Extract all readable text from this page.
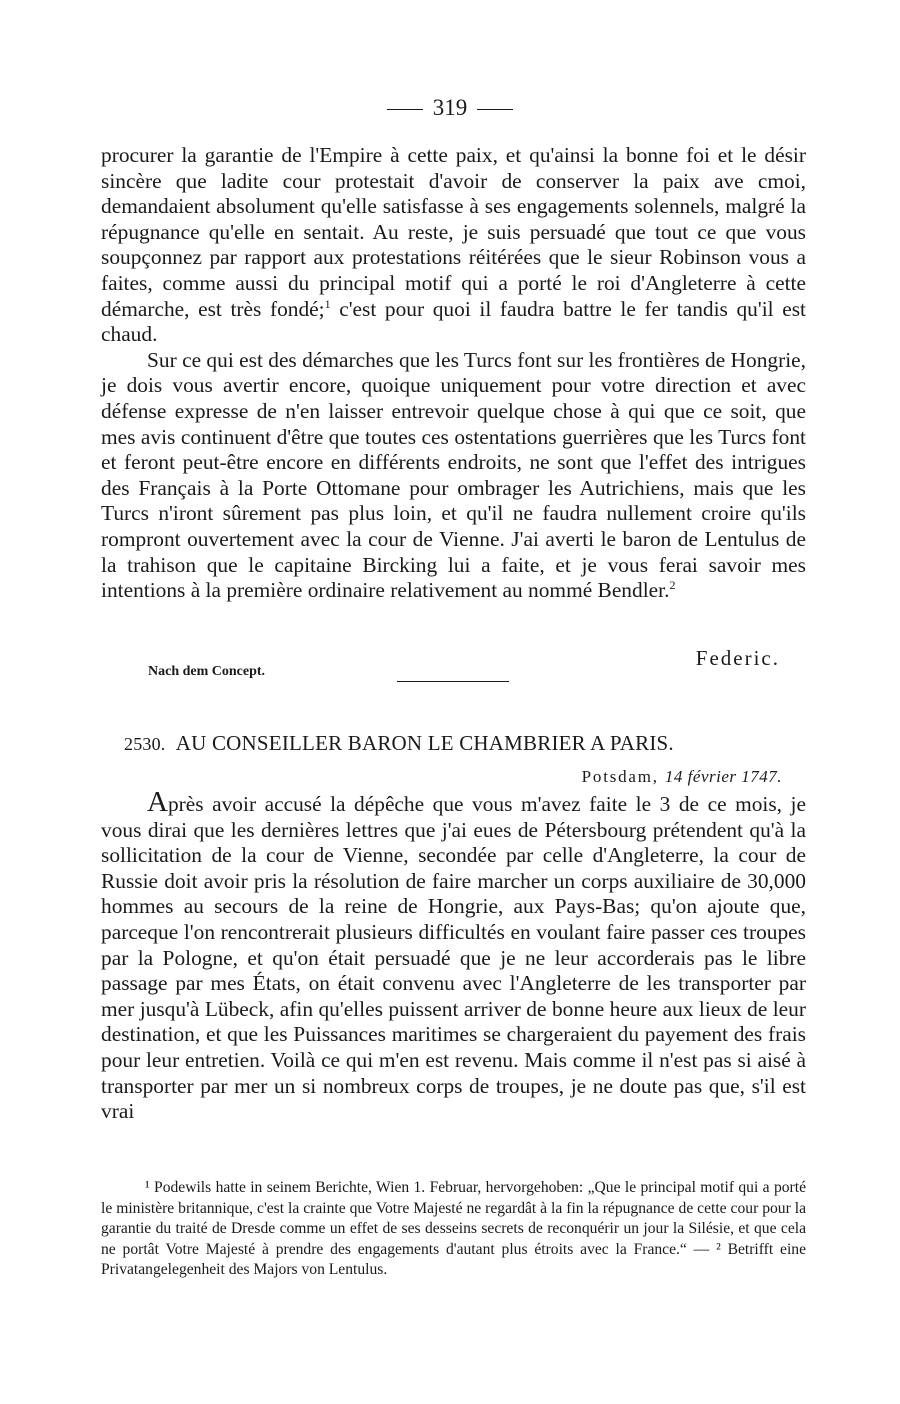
319

procurer la garantie de l'Empire à cette paix, et qu'ainsi la bonne foi et le désir sincère que ladite cour protestait d'avoir de conserver la paix ave cmoi, demandaient absolument qu'elle satisfasse à ses engagements solennels, malgré la répugnance qu'elle en sentait. Au reste, je suis persuadé que tout ce que vous soupçonnez par rapport aux protestations réitérées que le sieur Robinson vous a faites, comme aussi du principal motif qui a porté le roi d'Angleterre à cette démarche, est très fondé;$^1$ c'est pour quoi il faudra battre le fer tandis qu'il est chaud.

Sur ce qui est des démarches que les Turcs font sur les frontières de Hongrie, je dois vous avertir encore, quoique uniquement pour votre direction et avec défense expresse de n'en laisser entrevoir quelque chose à qui que ce soit, que mes avis continuent d'être que toutes ces ostentations guerrières que les Turcs font et feront peut-être encore en différents endroits, ne sont que l'effet des intrigues des Français à la Porte Ottomane pour ombrager les Autrichiens, mais que les Turcs n'iront sûrement pas plus loin, et qu'il ne faudra nullement croire qu'ils rompront ouvertement avec la cour de Vienne. J'ai averti le baron de Lentulus de la trahison que le capitaine Bircking lui a faite, et je vous ferai savoir mes intentions à la première ordinaire relativement au nommé Bendler.$^2$

Federic.
Nach dem Concept.
2530. AU CONSEILLER BARON LE CHAMBRIER A PARIS.
Potsdam, 14 février 1747.

Après avoir accusé la dépêche que vous m'avez faite le 3 de ce mois, je vous dirai que les dernières lettres que j'ai eues de Pétersbourg prétendent qu'à la sollicitation de la cour de Vienne, secondée par celle d'Angleterre, la cour de Russie doit avoir pris la résolution de faire marcher un corps auxiliaire de 30,000 hommes au secours de la reine de Hongrie, aux Pays-Bas; qu'on ajoute que, parceque l'on rencontrerait plusieurs difficultés en voulant faire passer ces troupes par la Pologne, et qu'on était persuadé que je ne leur accorderais pas le libre passage par mes États, on était convenu avec l'Angleterre de les transporter par mer jusqu'à Lübeck, afin qu'elles puissent arriver de bonne heure aux lieux de leur destination, et que les Puissances maritimes se chargeraient du payement des frais pour leur entretien. Voilà ce qui m'en est revenu. Mais comme il n'est pas si aisé à transporter par mer un si nombreux corps de troupes, je ne doute pas que, s'il est vrai

¹ Podewils hatte in seinem Berichte, Wien 1. Februar, hervorgehoben: „Que le principal motif qui a porté le ministère britannique, c'est la crainte que Votre Majesté ne regardât à la fin la répugnance de cette cour pour la garantie du traité de Dresde comme un effet de ses desseins secrets de reconquérir un jour la Silésie, et que cela ne portât Votre Majesté à prendre des engagements d'autant plus étroits avec la France.“ — ² Betrifft eine Privatangelegenheit des Majors von Lentulus.
